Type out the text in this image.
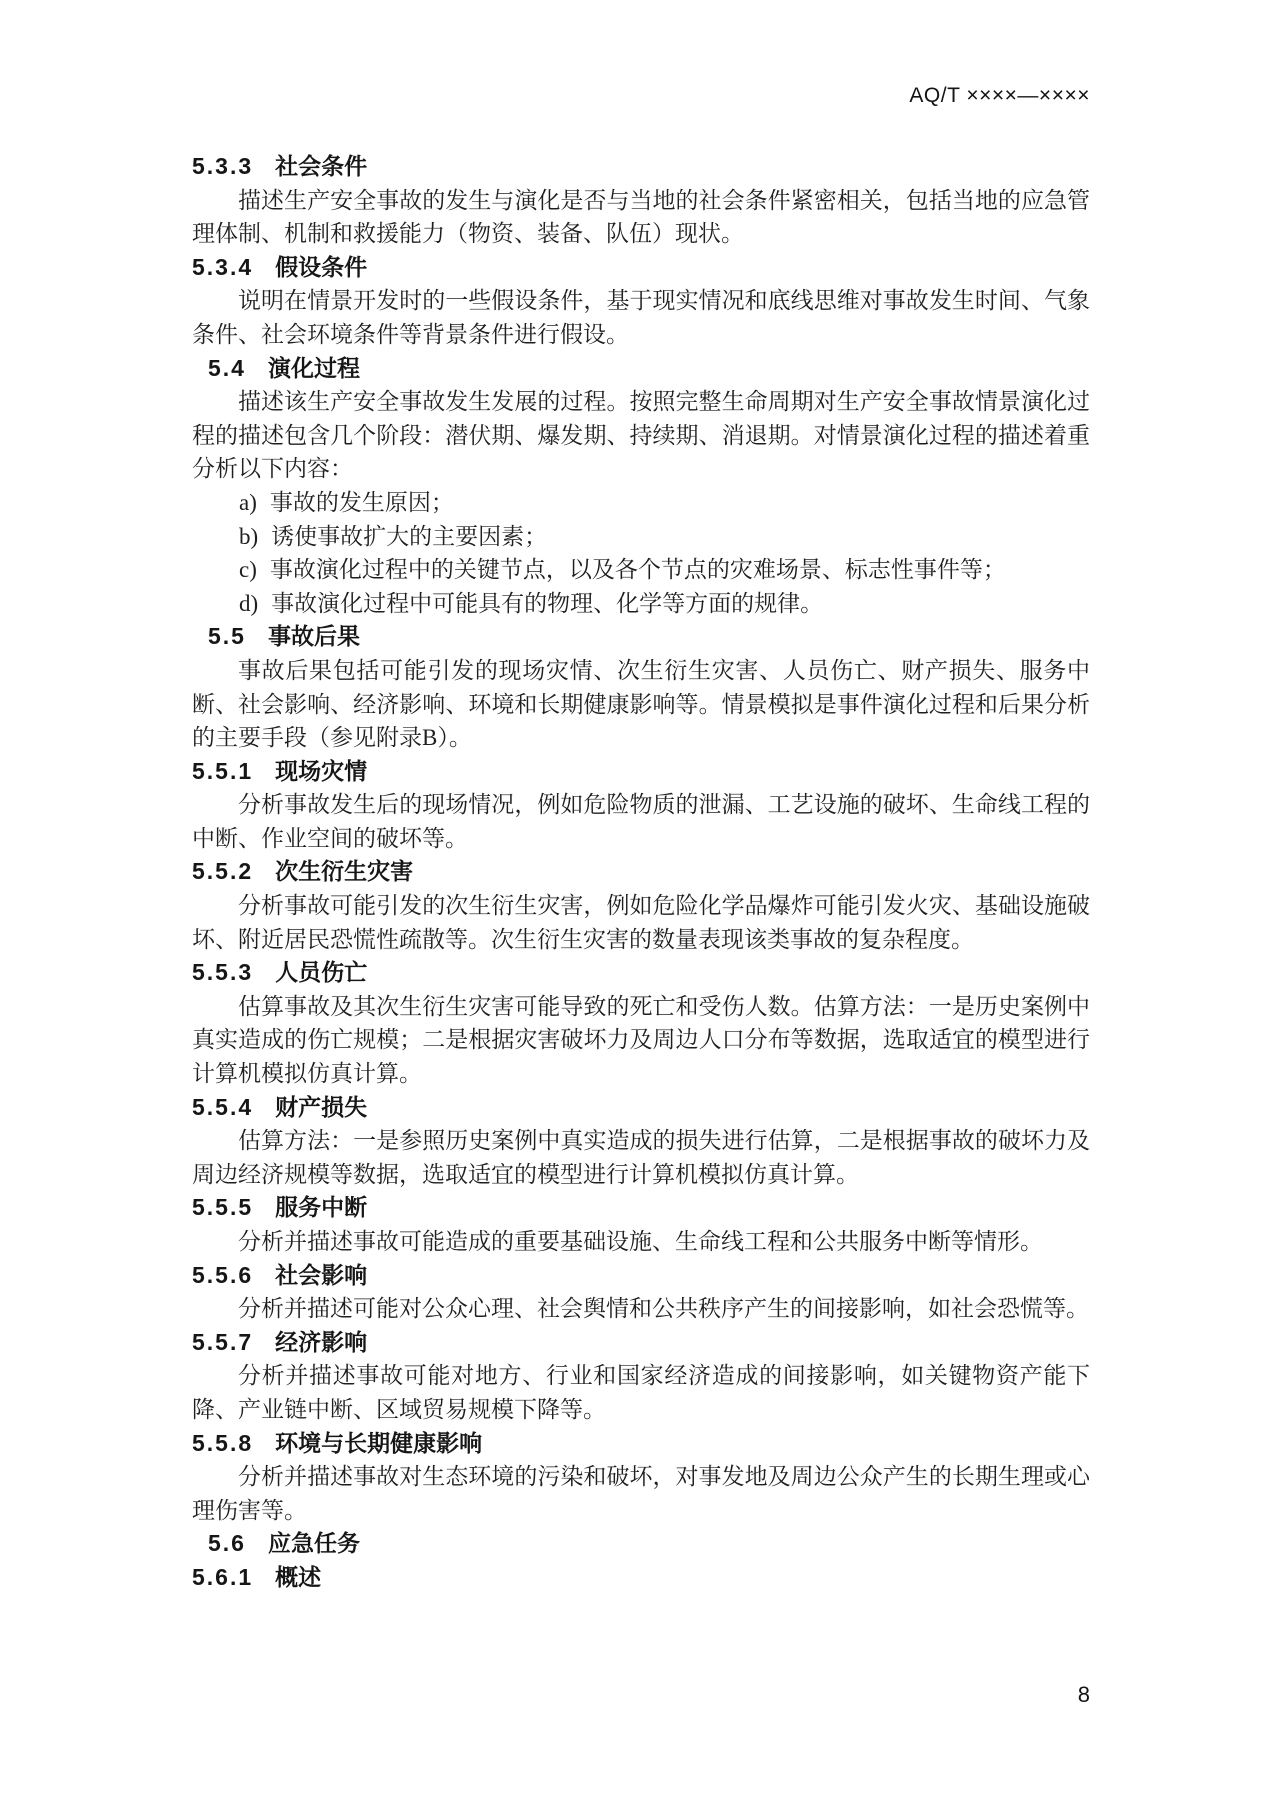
AQ/T ××××—××××
5.3.3 社会条件

描述生产安全事故的发生与演化是否与当地的社会条件紧密相关，包括当地的应急管理体制、机制和救援能力（物资、装备、队伍）现状。

5.3.4 假设条件

说明在情景开发时的一些假设条件，基于现实情况和底线思维对事故发生时间、气象条件、社会环境条件等背景条件进行假设。

5.4 演化过程

描述该生产安全事故发生发展的过程。按照完整生命周期对生产安全事故情景演化过程的描述包含几个阶段：潜伏期、爆发期、持续期、消退期。对情景演化过程的描述着重分析以下内容：

a) 事故的发生原因；
b) 诱使事故扩大的主要因素；
c) 事故演化过程中的关键节点，以及各个节点的灾难场景、标志性事件等；
d) 事故演化过程中可能具有的物理、化学等方面的规律。
5.5 事故后果

事故后果包括可能引发的现场灾情、次生衍生灾害、人员伤亡、财产损失、服务中断、社会影响、经济影响、环境和长期健康影响等。情景模拟是事件演化过程和后果分析的主要手段（参见附录B）。

5.5.1 现场灾情

分析事故发生后的现场情况，例如危险物质的泄漏、工艺设施的破坏、生命线工程的中断、作业空间的破坏等。

5.5.2 次生衍生灾害

分析事故可能引发的次生衍生灾害，例如危险化学品爆炸可能引发火灾、基础设施破坏、附近居民恐慌性疏散等。次生衍生灾害的数量表现该类事故的复杂程度。

5.5.3 人员伤亡

估算事故及其次生衍生灾害可能导致的死亡和受伤人数。估算方法：一是历史案例中真实造成的伤亡规模；二是根据灾害破坏力及周边人口分布等数据，选取适宜的模型进行计算机模拟仿真计算。

5.5.4 财产损失

估算方法：一是参照历史案例中真实造成的损失进行估算，二是根据事故的破坏力及周边经济规模等数据，选取适宜的模型进行计算机模拟仿真计算。

5.5.5 服务中断

分析并描述事故可能造成的重要基础设施、生命线工程和公共服务中断等情形。

5.5.6 社会影响

分析并描述可能对公众心理、社会舆情和公共秩序产生的间接影响，如社会恐慌等。

5.5.7 经济影响

分析并描述事故可能对地方、行业和国家经济造成的间接影响，如关键物资产能下降、产业链中断、区域贸易规模下降等。

5.5.8 环境与长期健康影响

分析并描述事故对生态环境的污染和破坏，对事发地及周边公众产生的长期生理或心理伤害等。

5.6 应急任务
5.6.1 概述
8
